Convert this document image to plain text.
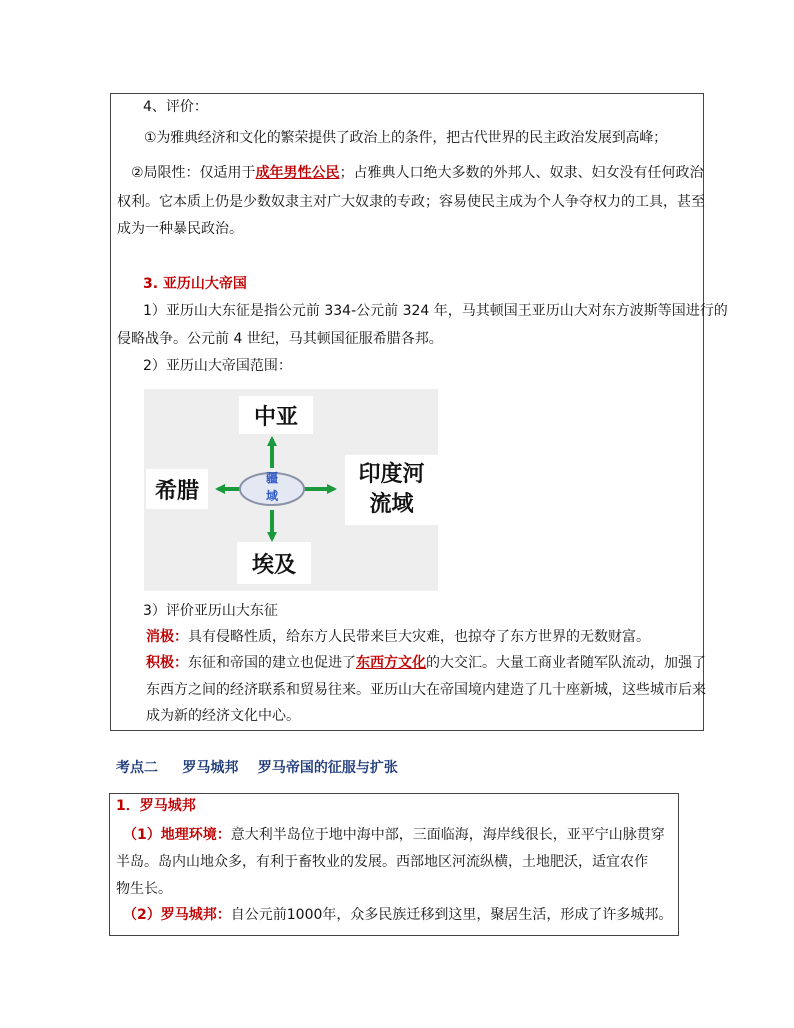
4、评价：
①为雅典经济和文化的繁荣提供了政治上的条件，把古代世界的民主政治发展到高峰；
②局限性：仅适用于成年男性公民；占雅典人口绝大多数的外邦人、奴隶、妇女没有任何政治
权利。它本质上仍是少数奴隶主对广大奴隶的专政；容易使民主成为个人争夺权力的工具，甚至
成为一种暴民政治。
3. 亚历山大帝国
1）亚历山大东征是指公元前 334-公元前 324 年，马其顿国王亚历山大对东方波斯等国进行的
侵略战争。公元前 4 世纪，马其顿国征服希腊各邦。
2）亚历山大帝国范围：
疆域
中亚
希腊
印度河
流域
埃及
3）评价亚历山大东征
消极：具有侵略性质，给东方人民带来巨大灾难，也掠夺了东方世界的无数财富。
积极：东征和帝国的建立也促进了东西方文化的大交汇。大量工商业者随军队流动，加强了
东西方之间的经济联系和贸易往来。亚历山大在帝国境内建造了几十座新城，这些城市后来
成为新的经济文化中心。
考点二     罗马城邦    罗马帝国的征服与扩张
1．罗马城邦
（1）地理环境：意大利半岛位于地中海中部，三面临海，海岸线很长，亚平宁山脉贯穿
半岛。岛内山地众多，有利于畜牧业的发展。西部地区河流纵横，土地肥沃，适宜农作
物生长。
（2）罗马城邦：自公元前1000年，众多民族迁移到这里，聚居生活，形成了许多城邦。
